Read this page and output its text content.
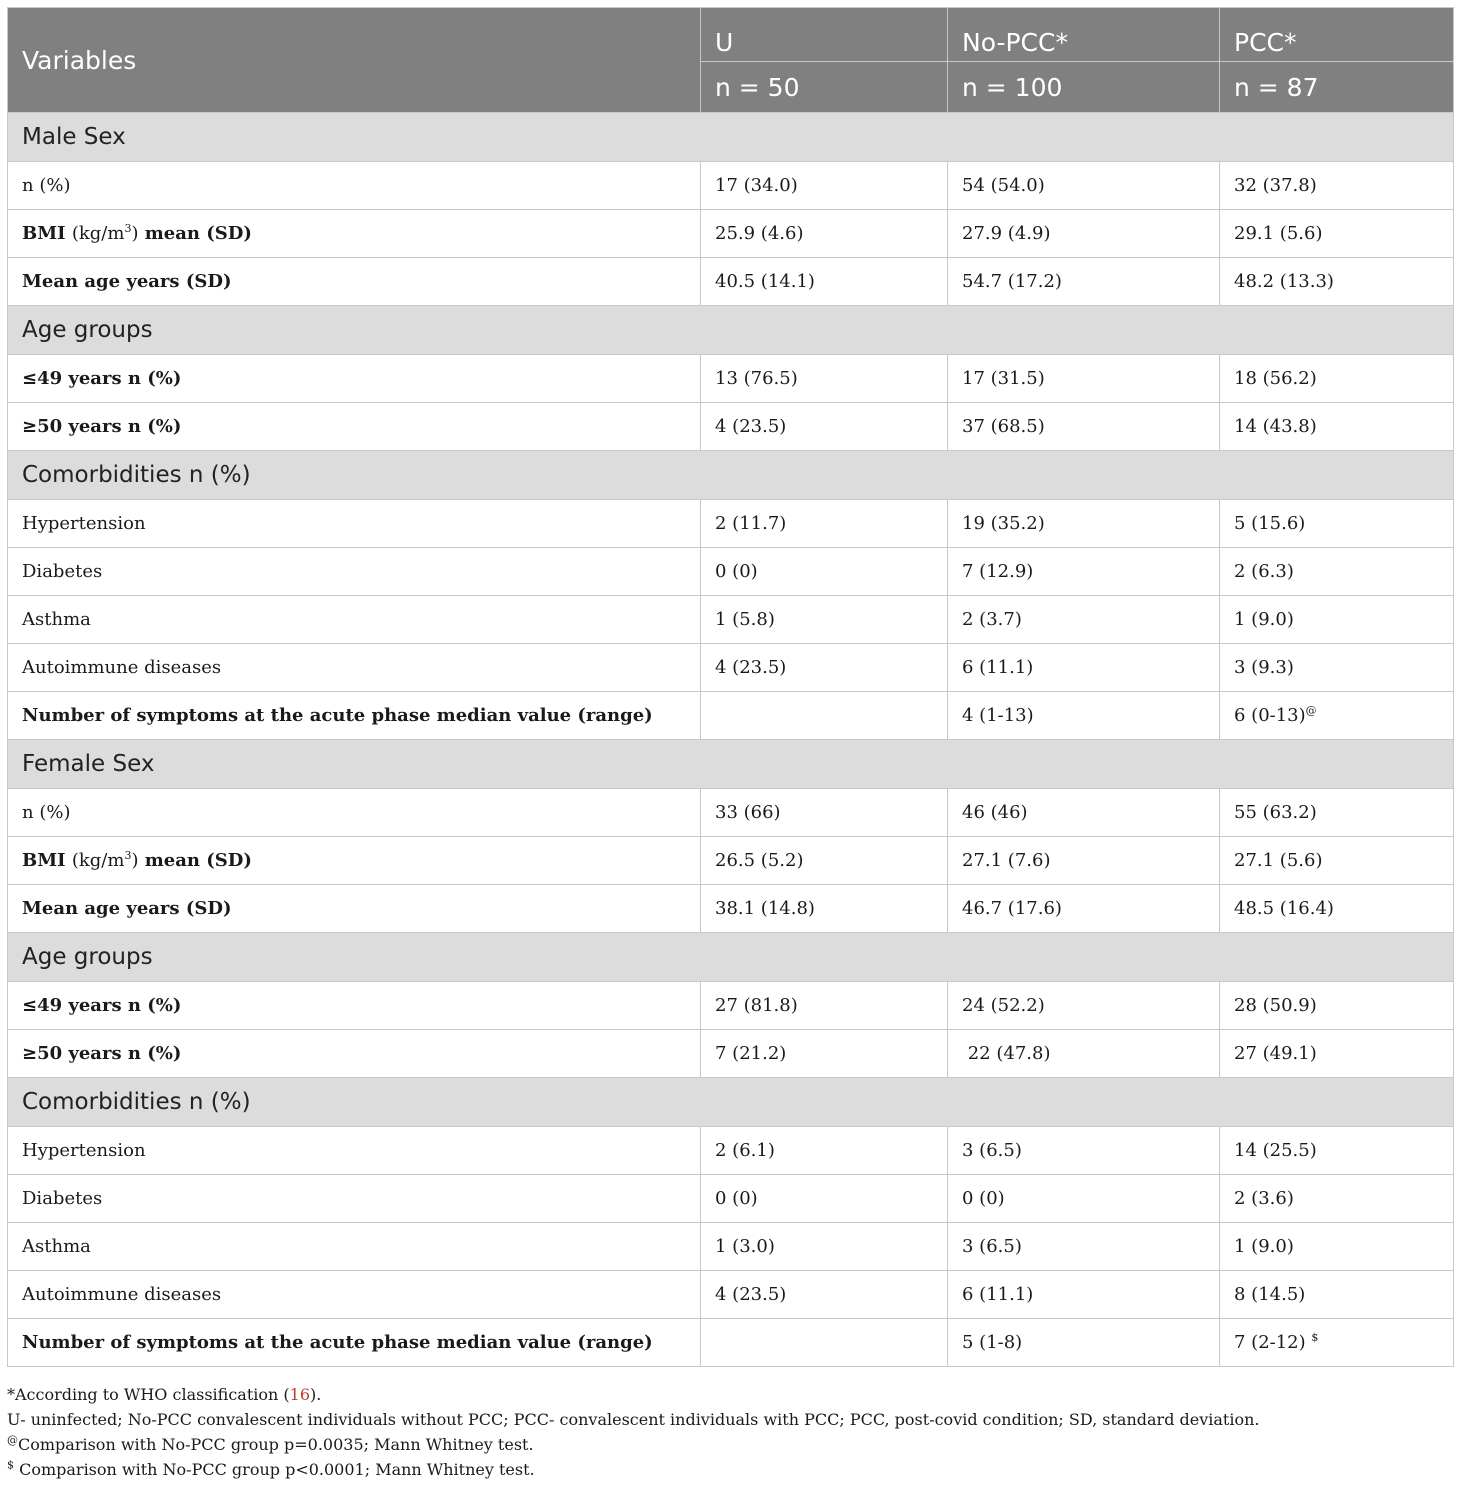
Variables	U	No-PCC*	PCC*
	n = 50	n = 100	n = 87
Male Sex			
n (%)	17 (34.0)	54 (54.0)	32 (37.8)
BMI $(kg/m^3)$ mean (SD)	25.9 (4.6)	27.9 (4.9)	29.1 (5.6)
Mean age years (SD)	40.5 (14.1)	54.7 (17.2)	48.2 (13.3)
Age groups			
≤49 years n (%)	13 (76.5)	17 (31.5)	18 (56.2)
≥50 years n (%)	4 (23.5)	37 (68.5)	14 (43.8)
Comorbidities n (%)			
Hypertension	2 (11.7)	19 (35.2)	5 (15.6)
Diabetes	0 (0)	7 (12.9)	2 (6.3)
Asthma	1 (5.8)	2 (3.7)	1 (9.0)
Autoimmune diseases	4 (23.5)	6 (11.1)	3 (9.3)
Number of symptoms at the acute phase median value (range)		4 (1-13)	6 (0-13)@
Female Sex			
n (%)	33 (66)	46 (46)	55 (63.2)
BMI $(kg/m^3)$ mean (SD)	26.5 (5.2)	27.1 (7.6)	27.1 (5.6)
Mean age years (SD)	38.1 (14.8)	46.7 (17.6)	48.5 (16.4)
Age groups			
≤49 years n (%)	27 (81.8)	24 (52.2)	28 (50.9)
≥50 years n (%)	7 (21.2)	22 (47.8)	27 (49.1)
Comorbidities n (%)			
Hypertension	2 (6.1)	3 (6.5)	14 (25.5)
Diabetes	0 (0)	0 (0)	2 (3.6)
Asthma	1 (3.0)	3 (6.5)	1 (9.0)
Autoimmune diseases	4 (23.5)	6 (11.1)	8 (14.5)
Number of symptoms at the acute phase median value (range)		5 (1-8)	7 (2-12) $

*According to WHO classification (16).

U- uninfected; No-PCC convalescent individuals without PCC; PCC- convalescent individuals with PCC; PCC, post-covid condition; SD, standard deviation.

@Comparison with No-PCC group p=0.0035; Mann Whitney test.

$ Comparison with No-PCC group p<0.0001; Mann Whitney test.
